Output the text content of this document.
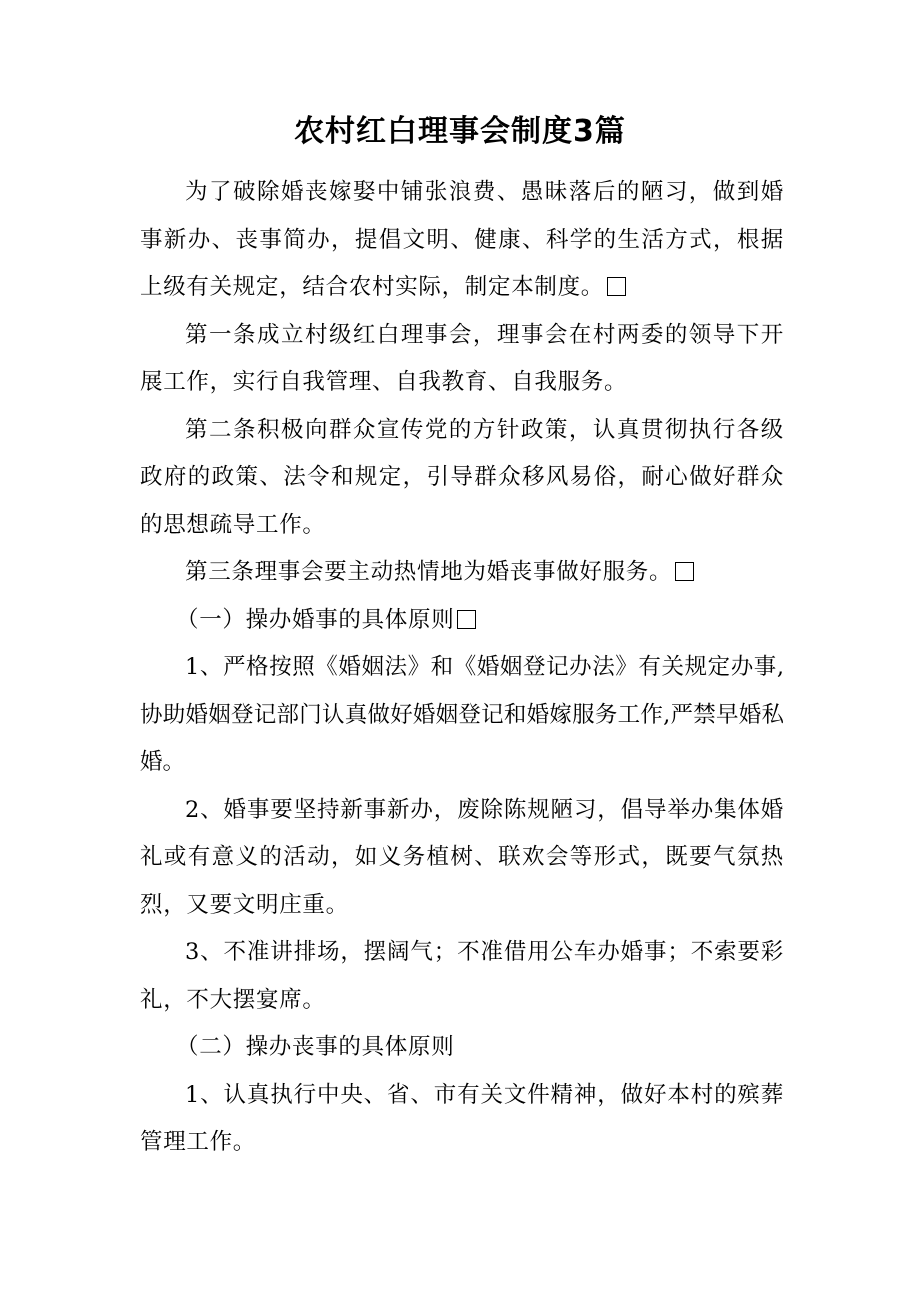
农村红白理事会制度3篇

为了破除婚丧嫁娶中铺张浪费、愚昧落后的陋习，做到婚事新办、丧事简办，提倡文明、健康、科学的生活方式，根据上级有关规定，结合农村实际，制定本制度。

第一条成立村级红白理事会，理事会在村两委的领导下开展工作，实行自我管理、自我教育、自我服务。

第二条积极向群众宣传党的方针政策，认真贯彻执行各级政府的政策、法令和规定，引导群众移风易俗，耐心做好群众的思想疏导工作。

第三条理事会要主动热情地为婚丧事做好服务。

（一）操办婚事的具体原则

1、严格按照《婚姻法》和《婚姻登记办法》有关规定办事,协助婚姻登记部门认真做好婚姻登记和婚嫁服务工作,严禁早婚私婚。

2、婚事要坚持新事新办，废除陈规陋习，倡导举办集体婚礼或有意义的活动，如义务植树、联欢会等形式，既要气氛热烈，又要文明庄重。

3、不准讲排场，摆阔气；不准借用公车办婚事；不索要彩礼，不大摆宴席。

（二）操办丧事的具体原则

1、认真执行中央、省、市有关文件精神，做好本村的殡葬管理工作。
